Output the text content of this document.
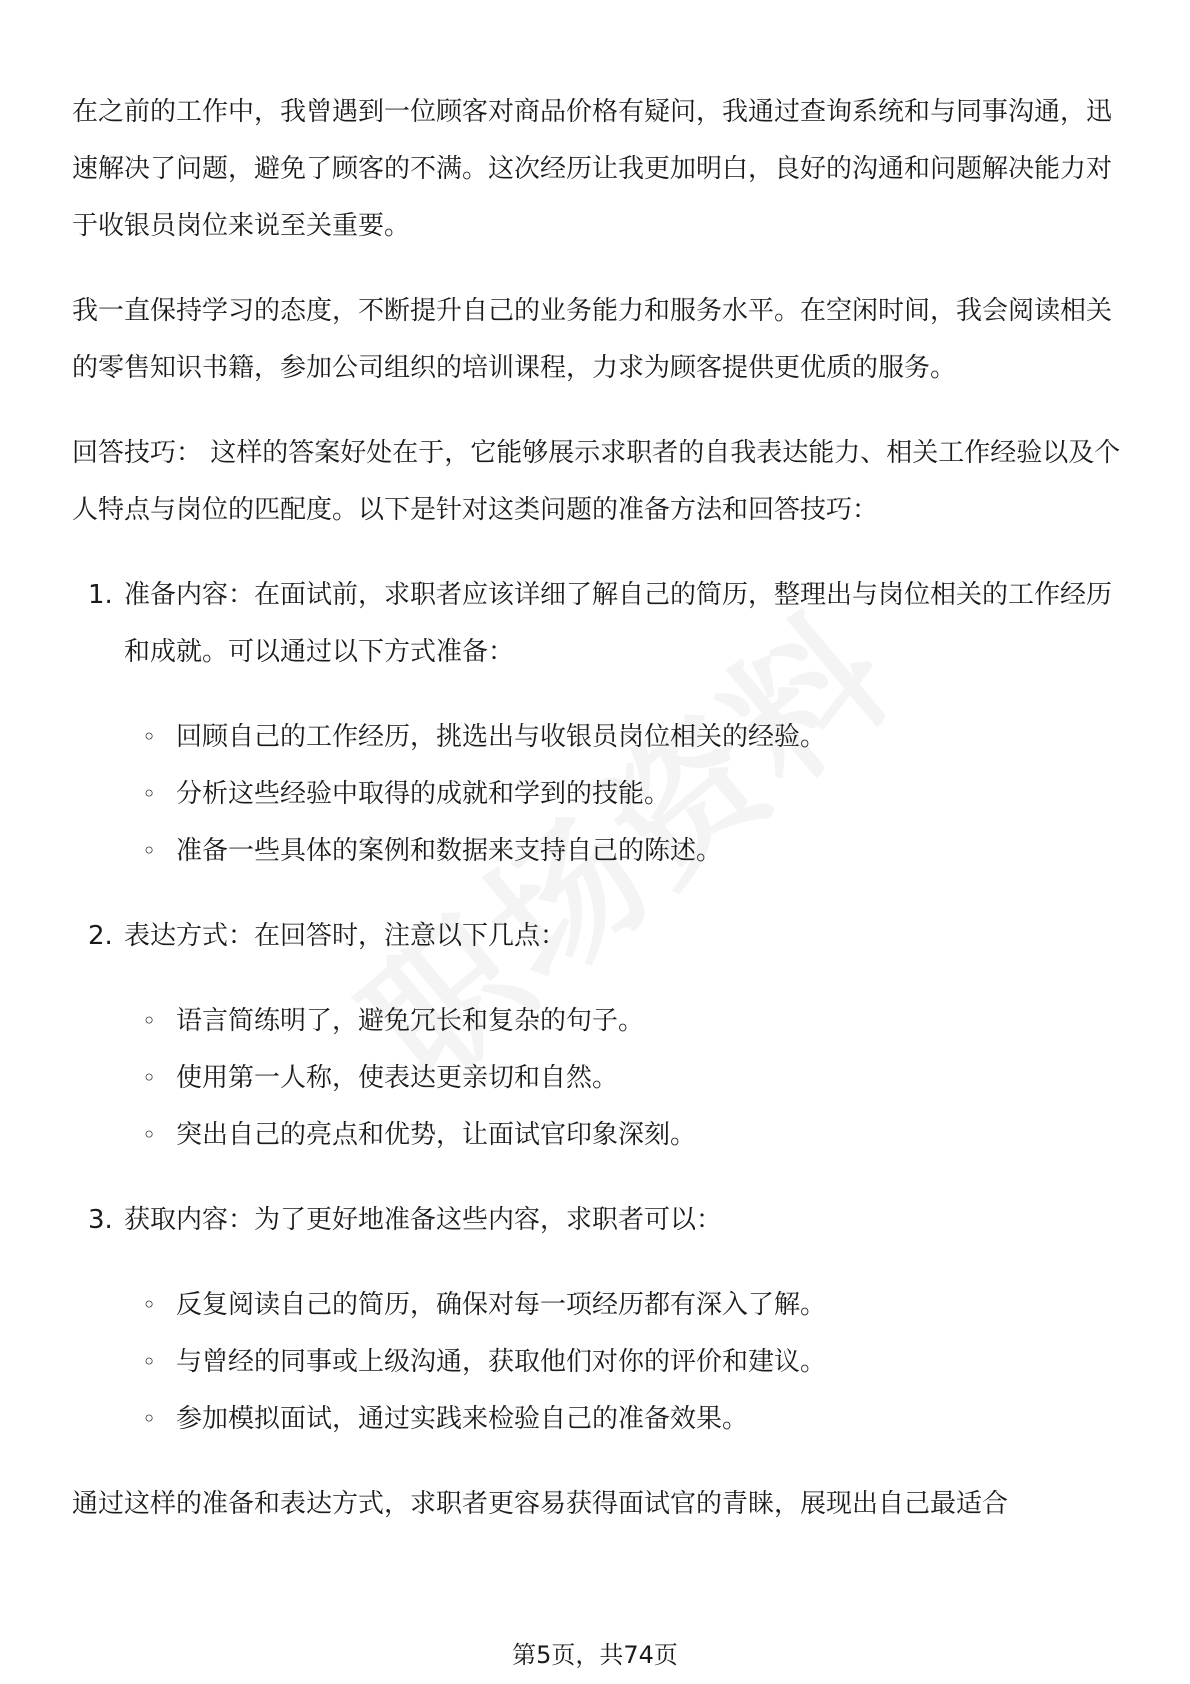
在之前的工作中，我曾遇到一位顾客对商品价格有疑问，我通过查询系统和与同事沟通，迅速解决了问题，避免了顾客的不满。这次经历让我更加明白，良好的沟通和问题解决能力对于收银员岗位来说至关重要。

我一直保持学习的态度，不断提升自己的业务能力和服务水平。在空闲时间，我会阅读相关的零售知识书籍，参加公司组织的培训课程，力求为顾客提供更优质的服务。

回答技巧： 这样的答案好处在于，它能够展示求职者的自我表达能力、相关工作经验以及个人特点与岗位的匹配度。以下是针对这类问题的准备方法和回答技巧：

1. 准备内容：在面试前，求职者应该详细了解自己的简历，整理出与岗位相关的工作经历和成就。可以通过以下方式准备：
◦ 回顾自己的工作经历，挑选出与收银员岗位相关的经验。
◦ 分析这些经验中取得的成就和学到的技能。
◦ 准备一些具体的案例和数据来支持自己的陈述。
2. 表达方式：在回答时，注意以下几点：
◦ 语言简练明了，避免冗长和复杂的句子。
◦ 使用第一人称，使表达更亲切和自然。
◦ 突出自己的亮点和优势，让面试官印象深刻。
3. 获取内容：为了更好地准备这些内容，求职者可以：
◦ 反复阅读自己的简历，确保对每一项经历都有深入了解。
◦ 与曾经的同事或上级沟通，获取他们对你的评价和建议。
◦ 参加模拟面试，通过实践来检验自己的准备效果。

通过这样的准备和表达方式，求职者更容易获得面试官的青睐，展现出自己最适合

第5页，共74页
